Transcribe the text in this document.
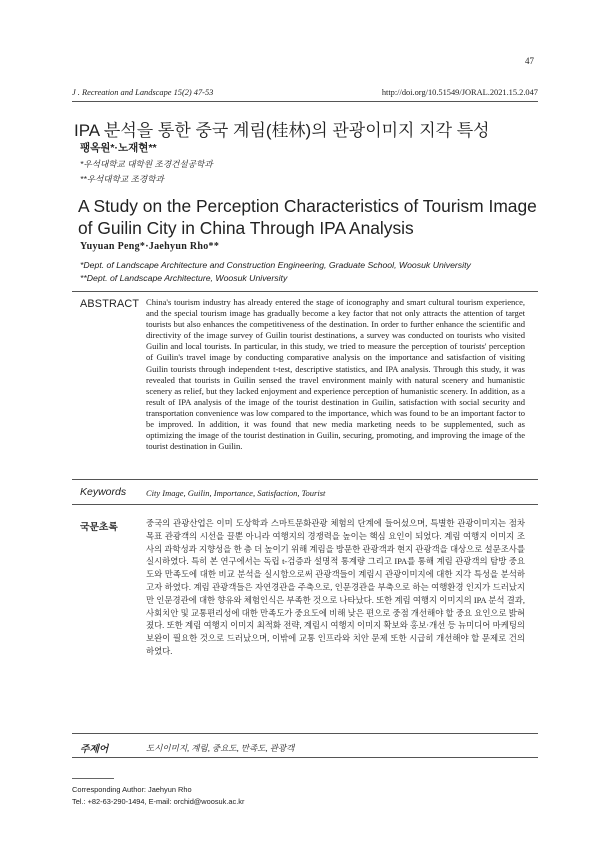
47
J . Recreation and Landscape 15(2) 47-53	http://doi.org/10.51549/JORAL.2021.15.2.047
IPA 분석을 통한 중국 계림(桂林)의 관광이미지 지각 특성
팽옥원*·노재현**
*우석대학교 대학원 조경건설공학과
**우석대학교 조경학과
A Study on the Perception Characteristics of Tourism Image of Guilin City in China Through IPA Analysis
Yuyuan Peng*·Jaehyun Rho**
*Dept. of Landscape Architecture and Construction Engineering, Graduate School, Woosuk University
**Dept. of Landscape Architecture, Woosuk University
ABSTRACT China's tourism industry has already entered the stage of iconography and smart cultural tourism experience, and the special tourism image has gradually become a key factor that not only attracts the attention of target tourists but also enhances the competitiveness of the destination. In order to further enhance the scientific and directivity of the image survey of Guilin tourist destinations, a survey was conducted on tourists who visited Guilin and local tourists. In particular, in this study, we tried to measure the perception of tourists' perception of Guilin's travel image by conducting comparative analysis on the importance and satisfaction of visiting Guilin tourists through independent t-test, descriptive statistics, and IPA analysis. Through this study, it was revealed that tourists in Guilin sensed the travel environment mainly with natural scenery and humanistic scenery as relief, but they lacked enjoyment and experience perception of humanistic scenery. In addition, as a result of IPA analysis of the image of the tourist destination in Guilin, satisfaction with social security and transportation convenience was low compared to the importance, which was found to be an important factor to be improved. In addition, it was found that new media marketing needs to be supplemented, such as optimizing the image of the tourist destination in Guilin, securing, promoting, and improving the image of the tourist destination in Guilin.
Keywords City Image, Guilin, Importance, Satisfaction, Tourist
국문초록	중국의 관광산업은 이미 도상학과 스마트문화관광 체험의 단계에 들어섰으며, 특별한 관광이미지는 점차 목표 관광객의 시선을 끌뿐 아니라 여행지의 경쟁력을 높이는 핵심 요인이 되었다. 계림 여행지 이미지 조사의 과학성과 지향성을 한 층 더 높이기 위해 계림을 방문한 관광객과 현지 관광객을 대상으로 설문조사를 실시하였다. 특히 본 연구에서는 독립 t-검증과 설명적 통계량 그리고 IPA를 통해 계림 관광객의 탐방 중요도와 만족도에 대한 비교 분석을 실시함으로써 관광객들이 계림시 관광이미지에 대한 지각 특성을 분석하고자 하였다. 계림 관광객들은 자연경관을 주축으로, 인문경관을 부축으로 하는 여행환경 인지가 드러났지만 인문경관에 대한 향유와 체험인식은 부족한 것으로 나타났다. 또한 계림 여행지 이미지의 IPA 분석 결과, 사회치안 및 교통편리성에 대한 만족도가 중요도에 비해 낮은 편으로 중점 개선해야 할 중요 요인으로 밝혀졌다. 또한 계림 여행지 이미지 최적화 전략, 계림시 여행지 이미지 확보와 홍보·개선 등 뉴미디어 마케팅의 보완이 필요한 것으로 드러났으며, 이밖에 교통 인프라와 치안 문제 또한 시급히 개선해야 할 문제로 건의하였다.
주제어	도시이미지, 계림, 중요도, 만족도, 관광객
Corresponding Author: Jaehyun Rho
Tel.: +82-63-290-1494, E-mail: orchid@woosuk.ac.kr
